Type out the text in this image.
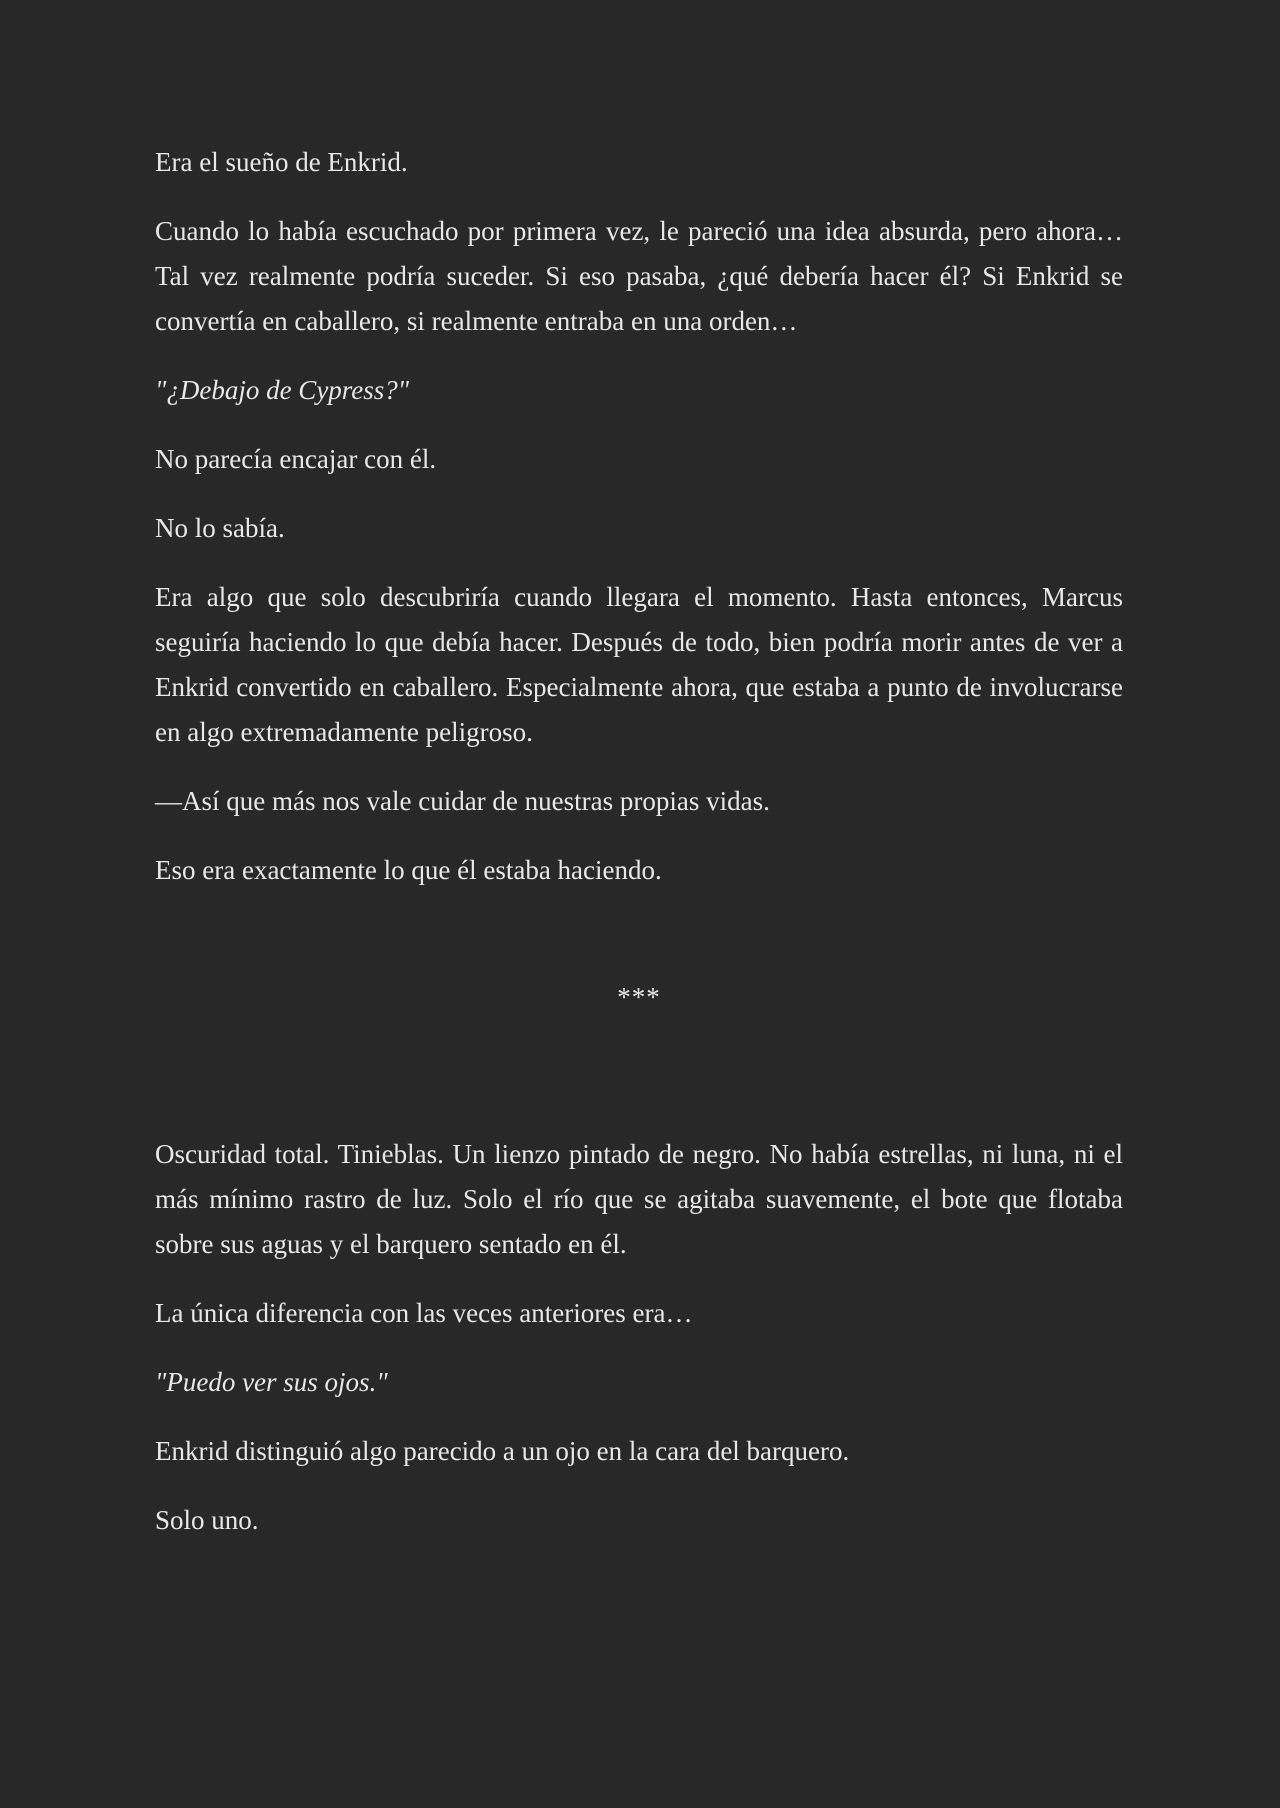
Era el sueño de Enkrid.

Cuando lo había escuchado por primera vez, le pareció una idea absurda, pero ahora… Tal vez realmente podría suceder. Si eso pasaba, ¿qué debería hacer él? Si Enkrid se convertía en caballero, si realmente entraba en una orden…

"¿Debajo de Cypress?"

No parecía encajar con él.

No lo sabía.

Era algo que solo descubriría cuando llegara el momento. Hasta entonces, Marcus seguiría haciendo lo que debía hacer. Después de todo, bien podría morir antes de ver a Enkrid convertido en caballero. Especialmente ahora, que estaba a punto de involucrarse en algo extremadamente peligroso.

—Así que más nos vale cuidar de nuestras propias vidas.

Eso era exactamente lo que él estaba haciendo.

***

Oscuridad total. Tinieblas. Un lienzo pintado de negro. No había estrellas, ni luna, ni el más mínimo rastro de luz. Solo el río que se agitaba suavemente, el bote que flotaba sobre sus aguas y el barquero sentado en él.

La única diferencia con las veces anteriores era…

"Puedo ver sus ojos."

Enkrid distinguió algo parecido a un ojo en la cara del barquero.

Solo uno.
